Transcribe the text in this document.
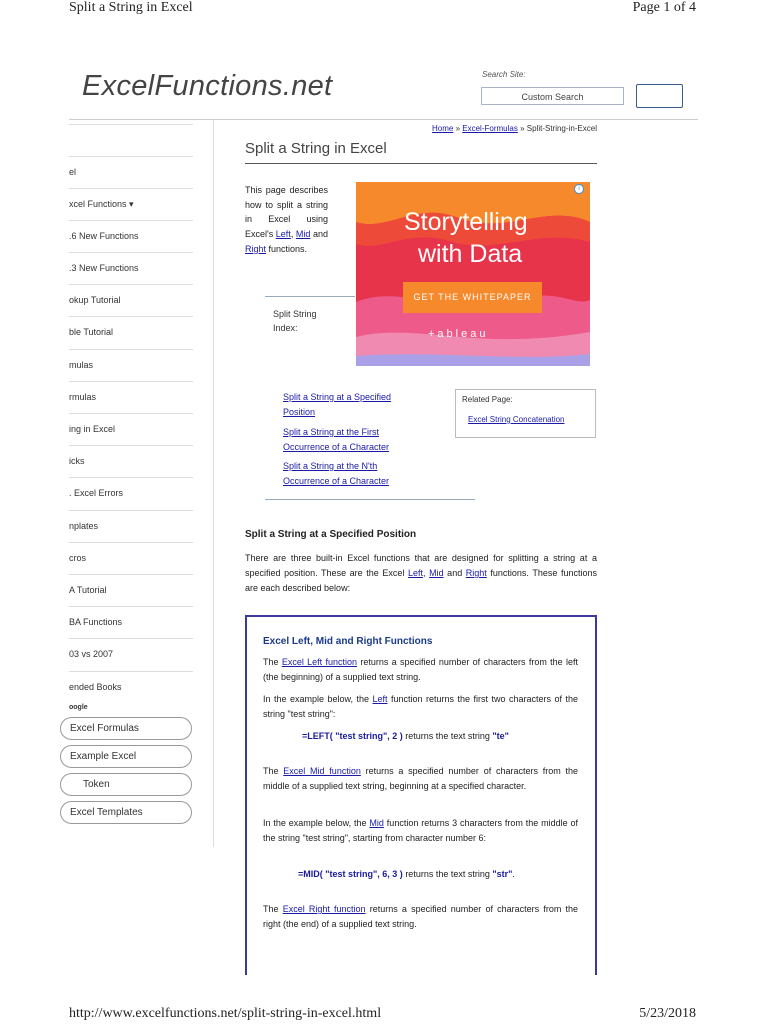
Split a String in Excel	Page 1 of 4
http://www.excelfunctions.net/split-string-in-excel.html	5/23/2018
ExcelFunctions.net	Search Site:
Custom Search
el
xcel Functions ▾
.6 New Functions
.3 New Functions
okup Tutorial
ble Tutorial
mulas
rmulas
ing in Excel
icks
. Excel Errors
nplates
cros
A Tutorial
BA Functions
03 vs 2007
ended Books
oogle
Excel Formulas
Example Excel
Token
Excel Templates
Home » Excel-Formulas » Split-String-in-Excel
Split a String in Excel
This page describes how to split a string in Excel using Excel's Left, Mid and Right functions.
i
Storytelling
with Data
GET THE WHITEPAPER
+ableau
Split String
Index:
Split a String at a Specified
Position
Split a String at the First
Occurrence of a Character
Split a String at the N'th
Occurrence of a Character
Related Page:
Excel String Concatenation
Split a String at a Specified Position
There are three built-in Excel functions that are designed for splitting a string at a specified position. These are the Excel Left, Mid and Right functions. These functions are each described below:
Excel Left, Mid and Right Functions
The Excel Left function returns a specified number of characters from the left (the beginning) of a supplied text string.
In the example below, the Left function returns the first two characters of the string "test string":
=LEFT( "test string", 2 ) returns the text string "te"
The Excel Mid function returns a specified number of characters from the middle of a supplied text string, beginning at a specified character.
In the example below, the Mid function returns 3 characters from the middle of the string "test string", starting from character number 6:
=MID( "test string", 6, 3 ) returns the text string "str".
The Excel Right function returns a specified number of characters from the right (the end) of a supplied text string.
